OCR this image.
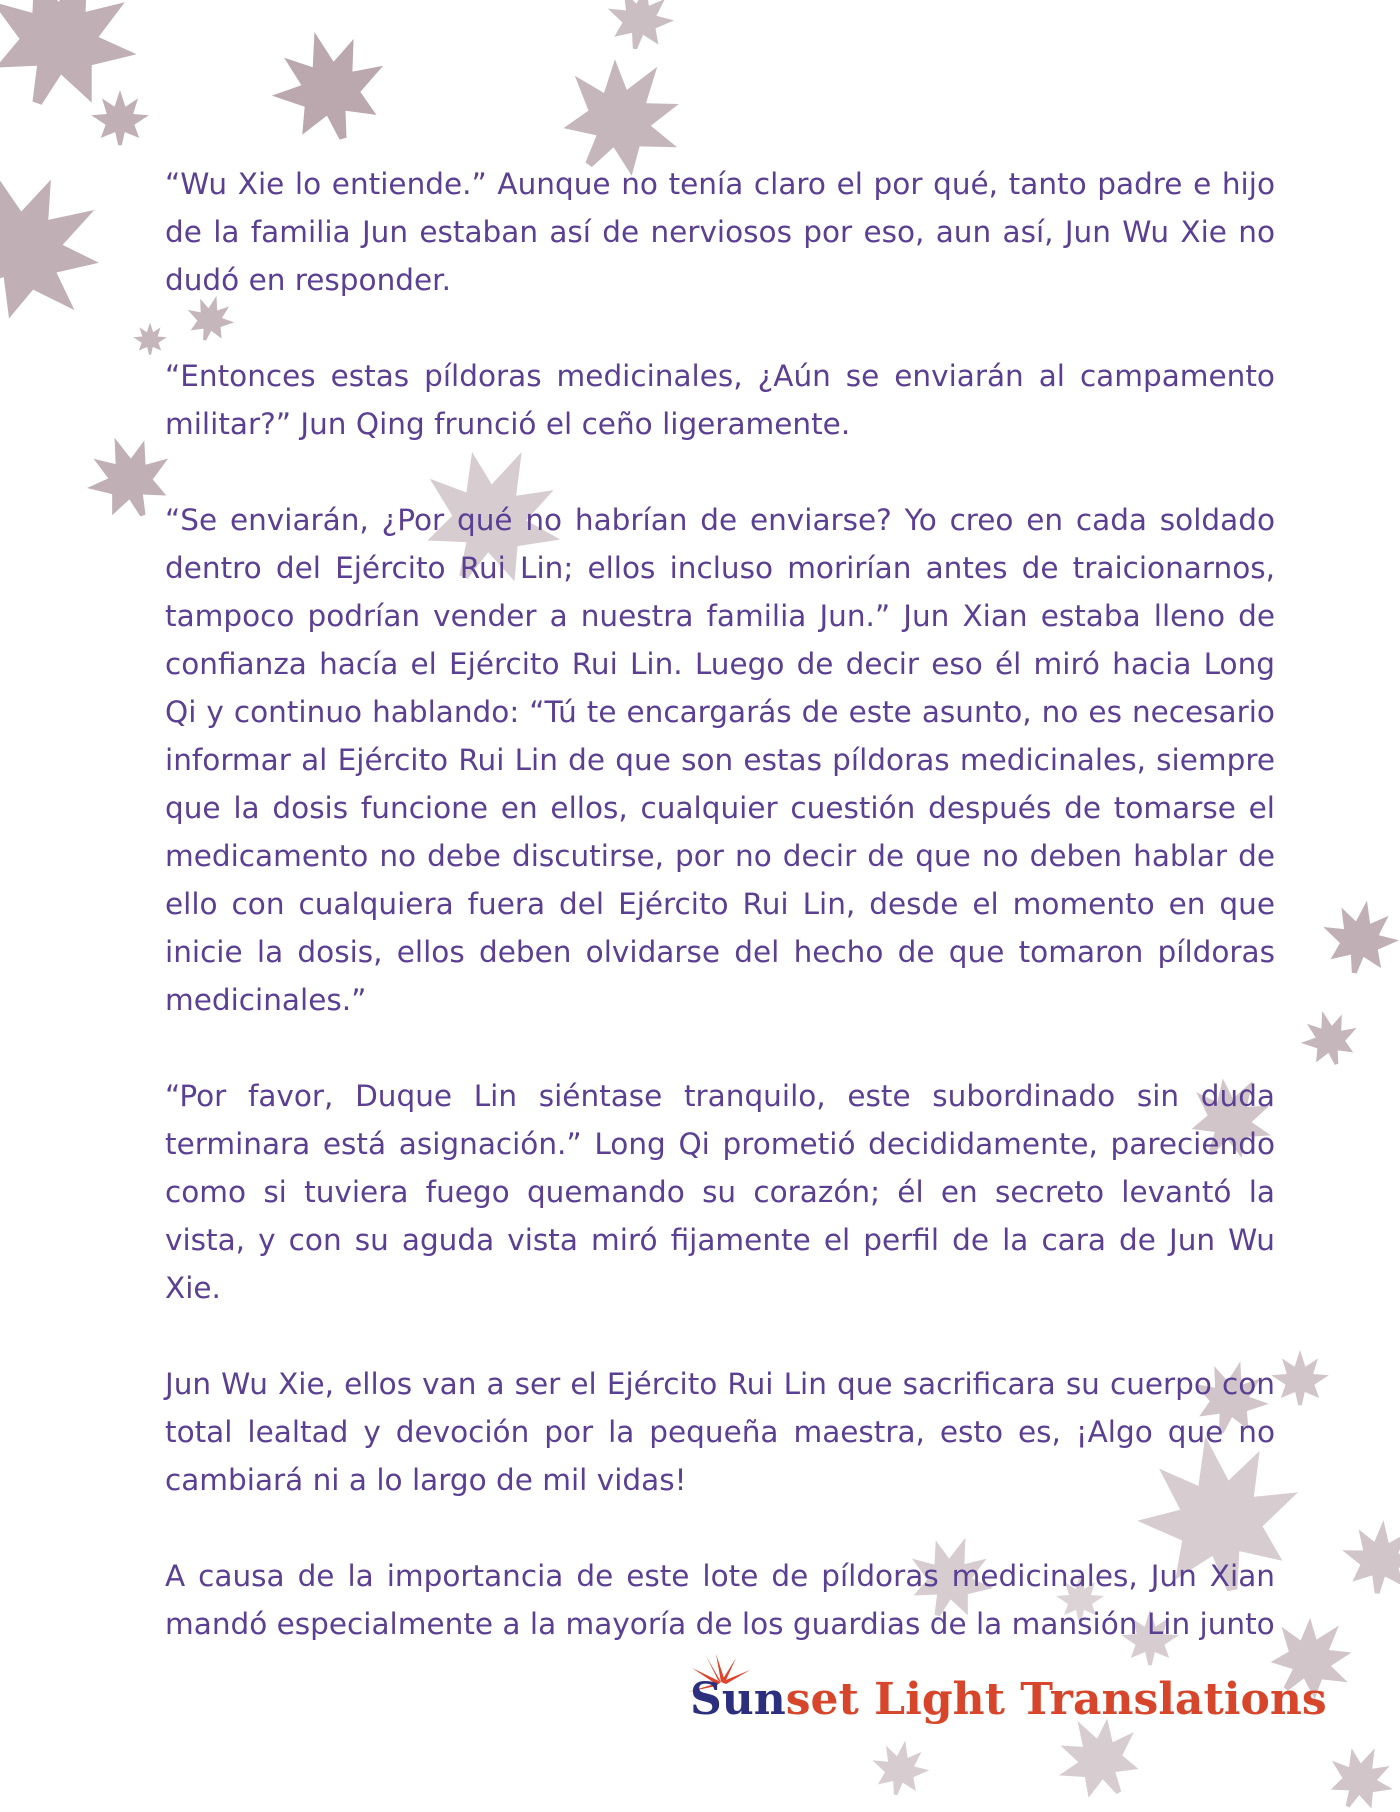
“Wu Xie lo entiende.” Aunque no tenía claro el por qué, tanto padre e hijo de la familia Jun estaban así de nerviosos por eso, aun así, Jun Wu Xie no dudó en responder.

“Entonces estas píldoras medicinales, ¿Aún se enviarán al campamento militar?” Jun Qing frunció el ceño ligeramente.

“Se enviarán, ¿Por qué no habrían de enviarse? Yo creo en cada soldado dentro del Ejército Rui Lin; ellos incluso morirían antes de traicionarnos, tampoco podrían vender a nuestra familia Jun.” Jun Xian estaba lleno de confianza hacía el Ejército Rui Lin. Luego de decir eso él miró hacia Long Qi y continuo hablando: “Tú te encargarás de este asunto, no es necesario informar al Ejército Rui Lin de que son estas píldoras medicinales, siempre que la dosis funcione en ellos, cualquier cuestión después de tomarse el medicamento no debe discutirse, por no decir de que no deben hablar de ello con cualquiera fuera del Ejército Rui Lin, desde el momento en que inicie la dosis, ellos deben olvidarse del hecho de que tomaron píldoras medicinales.”

“Por favor, Duque Lin siéntase tranquilo, este subordinado sin duda terminara está asignación.” Long Qi prometió decididamente, pareciendo como si tuviera fuego quemando su corazón; él en secreto levantó la vista, y con su aguda vista miró fijamente el perfil de la cara de Jun Wu Xie.

Jun Wu Xie, ellos van a ser el Ejército Rui Lin que sacrificara su cuerpo con total lealtad y devoción por la pequeña maestra, esto es, ¡Algo que no cambiará ni a lo largo de mil vidas!

A causa de la importancia de este lote de píldoras medicinales, Jun Xian mandó especialmente a la mayoría de los guardias de la mansión Lin junto

Sunset Light Translations
